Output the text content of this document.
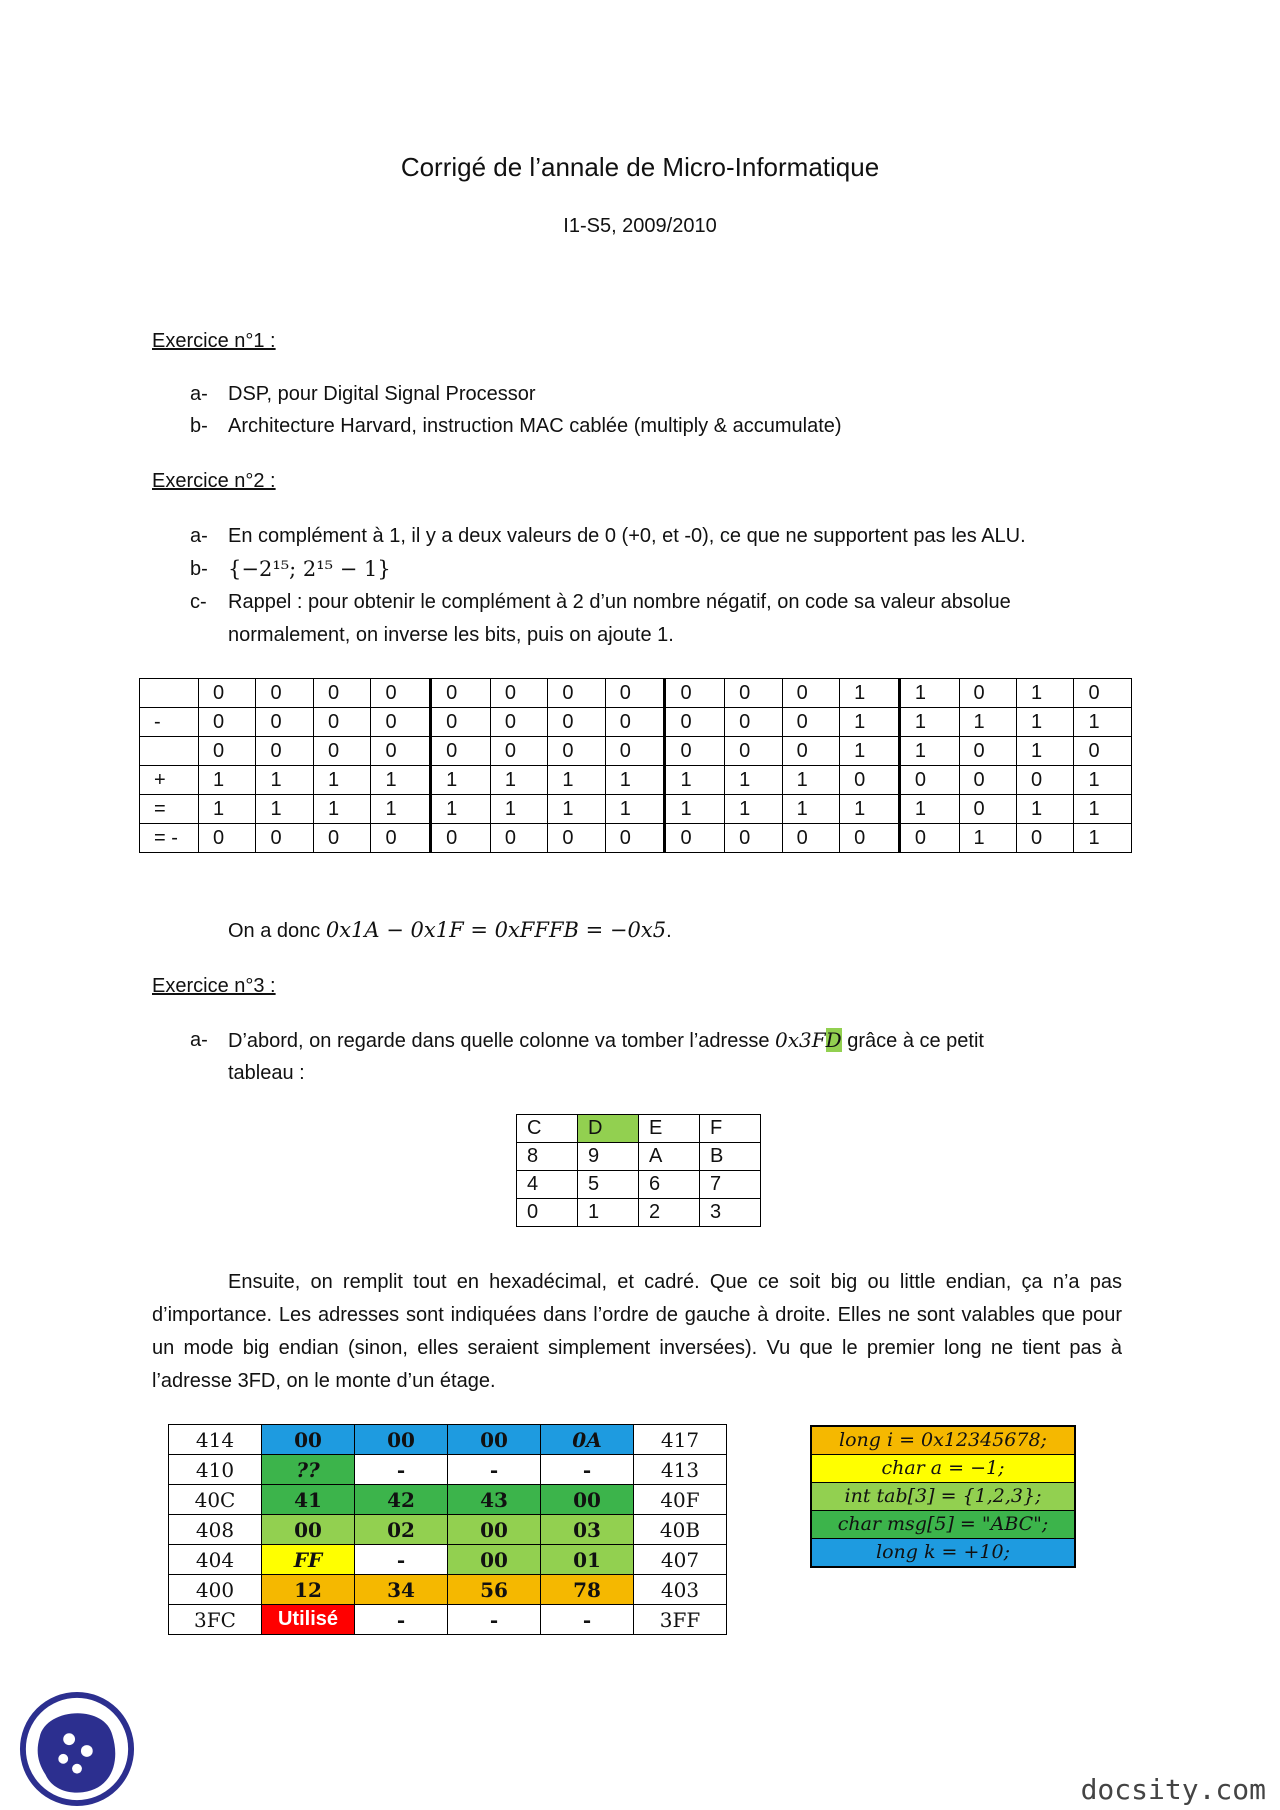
Corrigé de l’annale de Micro-Informatique
I1-S5, 2009/2010
Exercice n°1 :
a- DSP, pour Digital Signal Processor
b- Architecture Harvard, instruction MAC cablée (multiply & accumulate)
Exercice n°2 :
a- En complément à 1, il y a deux valeurs de 0 (+0, et -0), ce que ne supportent pas les ALU.
b- {−2¹⁵; 2¹⁵ − 1}
c- Rappel : pour obtenir le complément à 2 d’un nombre négatif, on code sa valeur absolue
normalement, on inverse les bits, puis on ajoute 1.
	0	0	0	0	0	0	0	0	0	0	0	1	1	0	1	0
-	0	0	0	0	0	0	0	0	0	0	0	1	1	1	1	1
	0	0	0	0	0	0	0	0	0	0	0	1	1	0	1	0
+	1	1	1	1	1	1	1	1	1	1	1	0	0	0	0	1
=	1	1	1	1	1	1	1	1	1	1	1	1	1	0	1	1
= -	0	0	0	0	0	0	0	0	0	0	0	0	0	1	0	1
On a donc 0x1A − 0x1F = 0xFFFB = −0x5.
Exercice n°3 :
a- D’abord, on regarde dans quelle colonne va tomber l’adresse 0x3FD grâce à ce petit
tableau :
C	D	E	F
8	9	A	B
4	5	6	7
0	1	2	3
Ensuite, on remplit tout en hexadécimal, et cadré. Que ce soit big ou little endian, ça n’a pas d’importance. Les adresses sont indiquées dans l’ordre de gauche à droite. Elles ne sont valables que pour un mode big endian (sinon, elles seraient simplement inversées). Vu que le premier long ne tient pas à l’adresse 3FD, on le monte d’un étage.
414	00	00	00	0A	417
410	??	-	-	-	413
40C	41	42	43	00	40F
408	00	02	00	03	40B
404	FF	-	00	01	407
400	12	34	56	78	403
3FC	Utilisé	-	-	-	3FF
long i = 0x12345678;
char a = −1;
int tab[3] = {1,2,3};
char msg[5] = "ABC";
long k = +10;
docsity.com
